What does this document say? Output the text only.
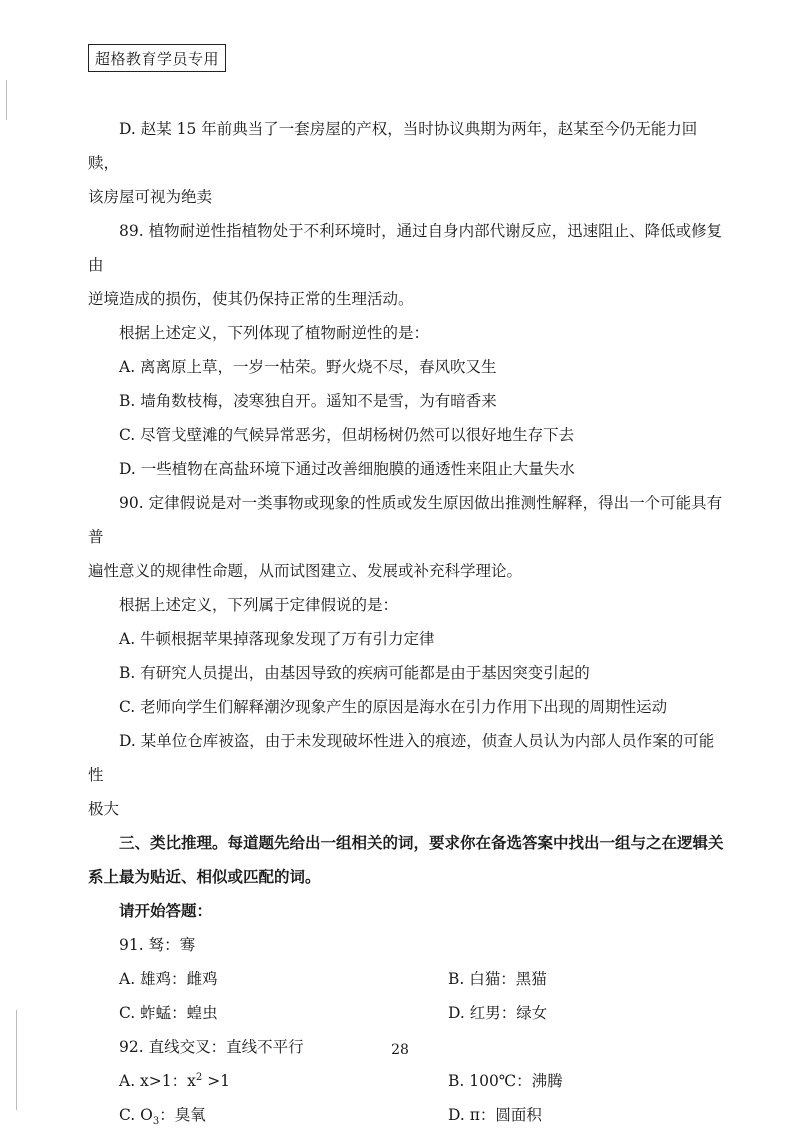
超格教育学员专用

D. 赵某 15 年前典当了一套房屋的产权，当时协议典期为两年，赵某至今仍无能力回赎，

该房屋可视为绝卖

89. 植物耐逆性指植物处于不利环境时，通过自身内部代谢反应，迅速阻止、降低或修复由

逆境造成的损伤，使其仍保持正常的生理活动。

根据上述定义，下列体现了植物耐逆性的是：

A. 离离原上草，一岁一枯荣。野火烧不尽，春风吹又生

B. 墙角数枝梅，凌寒独自开。遥知不是雪，为有暗香来

C. 尽管戈壁滩的气候异常恶劣，但胡杨树仍然可以很好地生存下去

D. 一些植物在高盐环境下通过改善细胞膜的通透性来阻止大量失水

90. 定律假说是对一类事物或现象的性质或发生原因做出推测性解释，得出一个可能具有普

遍性意义的规律性命题，从而试图建立、发展或补充科学理论。

根据上述定义，下列属于定律假说的是：

A. 牛顿根据苹果掉落现象发现了万有引力定律

B. 有研究人员提出，由基因导致的疾病可能都是由于基因突变引起的

C. 老师向学生们解释潮汐现象产生的原因是海水在引力作用下出现的周期性运动

D. 某单位仓库被盗，由于未发现破坏性进入的痕迹，侦查人员认为内部人员作案的可能性

极大

三、类比推理。每道题先给出一组相关的词，要求你在备选答案中找出一组与之在逻辑关

系上最为贴近、相似或匹配的词。

请开始答题：

91. 驽：骞

A. 雄鸡：雌鸡	B. 白猫：黑猫
C. 蚱蜢：蝗虫	D. 红男：绿女

92. 直线交叉：直线不平行

A. x>1：$x^2 >1$	B. 100℃：沸腾
C. $O_3$：臭氧	D. π：圆面积
28
